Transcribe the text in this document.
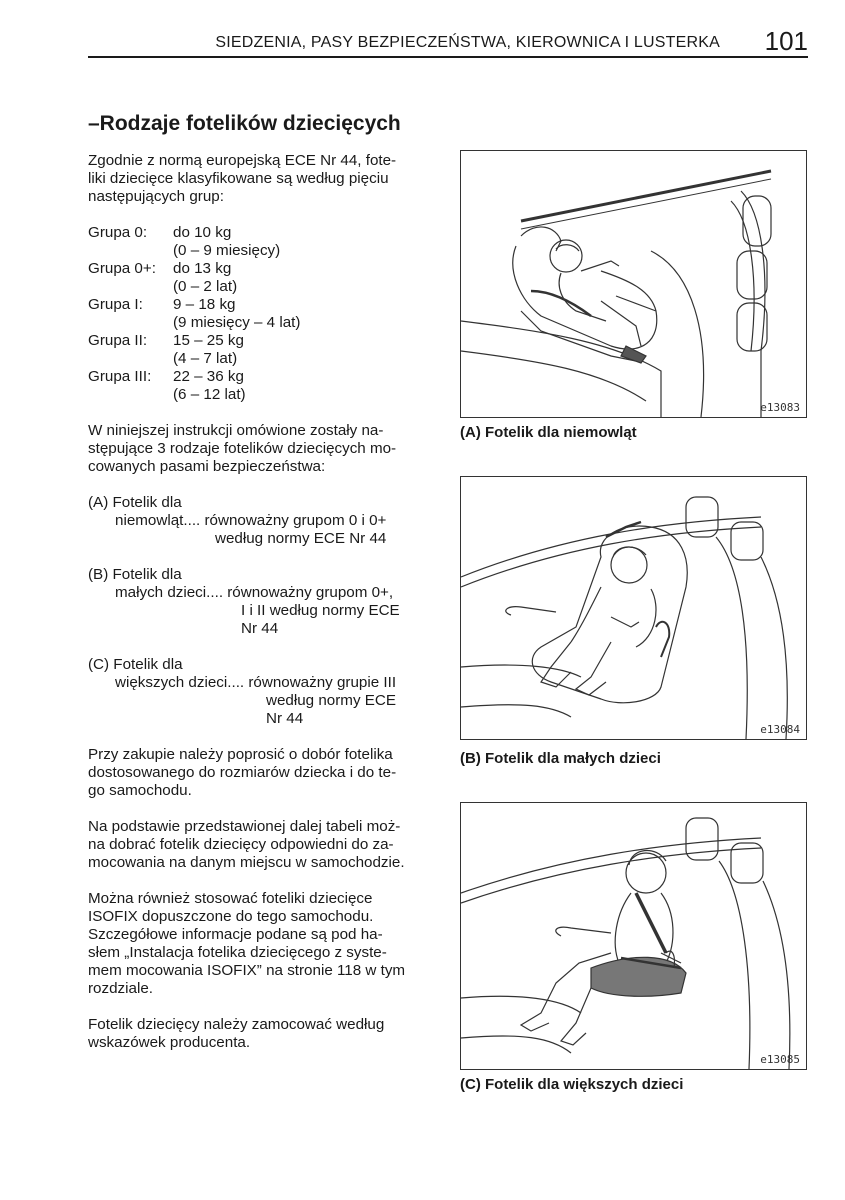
SIEDZENIA, PASY BEZPIECZEŃSTWA, KIEROWNICA I LUSTERKA 101
–Rodzaje fotelików dziecięcych

Zgodnie z normą europejską ECE Nr 44, fote-
liki dziecięce klasyfikowane są według pięciu
następujących grup:

Grupa 0:	do 10 kg
(0 – 9 miesięcy)
Grupa 0+:	do 13 kg
(0 – 2 lat)
Grupa I:	9 – 18 kg
(9 miesięcy – 4 lat)
Grupa II:	15 – 25 kg
(4 – 7 lat)
Grupa III:	22 – 36 kg
(6 – 12 lat)

W niniejszej instrukcji omówione zostały na-
stępujące 3 rodzaje fotelików dziecięcych mo-
cowanych pasami bezpieczeństwa:

(A) Fotelik dla
niemowląt.... równoważny grupom 0 i 0+
według normy ECE Nr 44
(B) Fotelik dla
małych dzieci.... równoważny grupom 0+,
I i II według normy ECE
Nr 44
(C) Fotelik dla
większych dzieci.... równoważny grupie III
według normy ECE
Nr 44

Przy zakupie należy poprosić o dobór fotelika
dostosowanego do rozmiarów dziecka i do te-
go samochodu.

Na podstawie przedstawionej dalej tabeli moż-
na dobrać fotelik dziecięcy odpowiedni do za-
mocowania na danym miejscu w samochodzie.

Można również stosować foteliki dziecięce
ISOFIX dopuszczone do tego samochodu.
Szczegółowe informacje podane są pod ha-
słem „Instalacja fotelika dziecięcego z syste-
mem mocowania ISOFIX” na stronie 118 w tym
rozdziale.

Fotelik dziecięcy należy zamocować według
wskazówek producenta.

e13083
(A) Fotelik dla niemowląt
e13084
(B) Fotelik dla małych dzieci
e13085
(C) Fotelik dla większych dzieci
